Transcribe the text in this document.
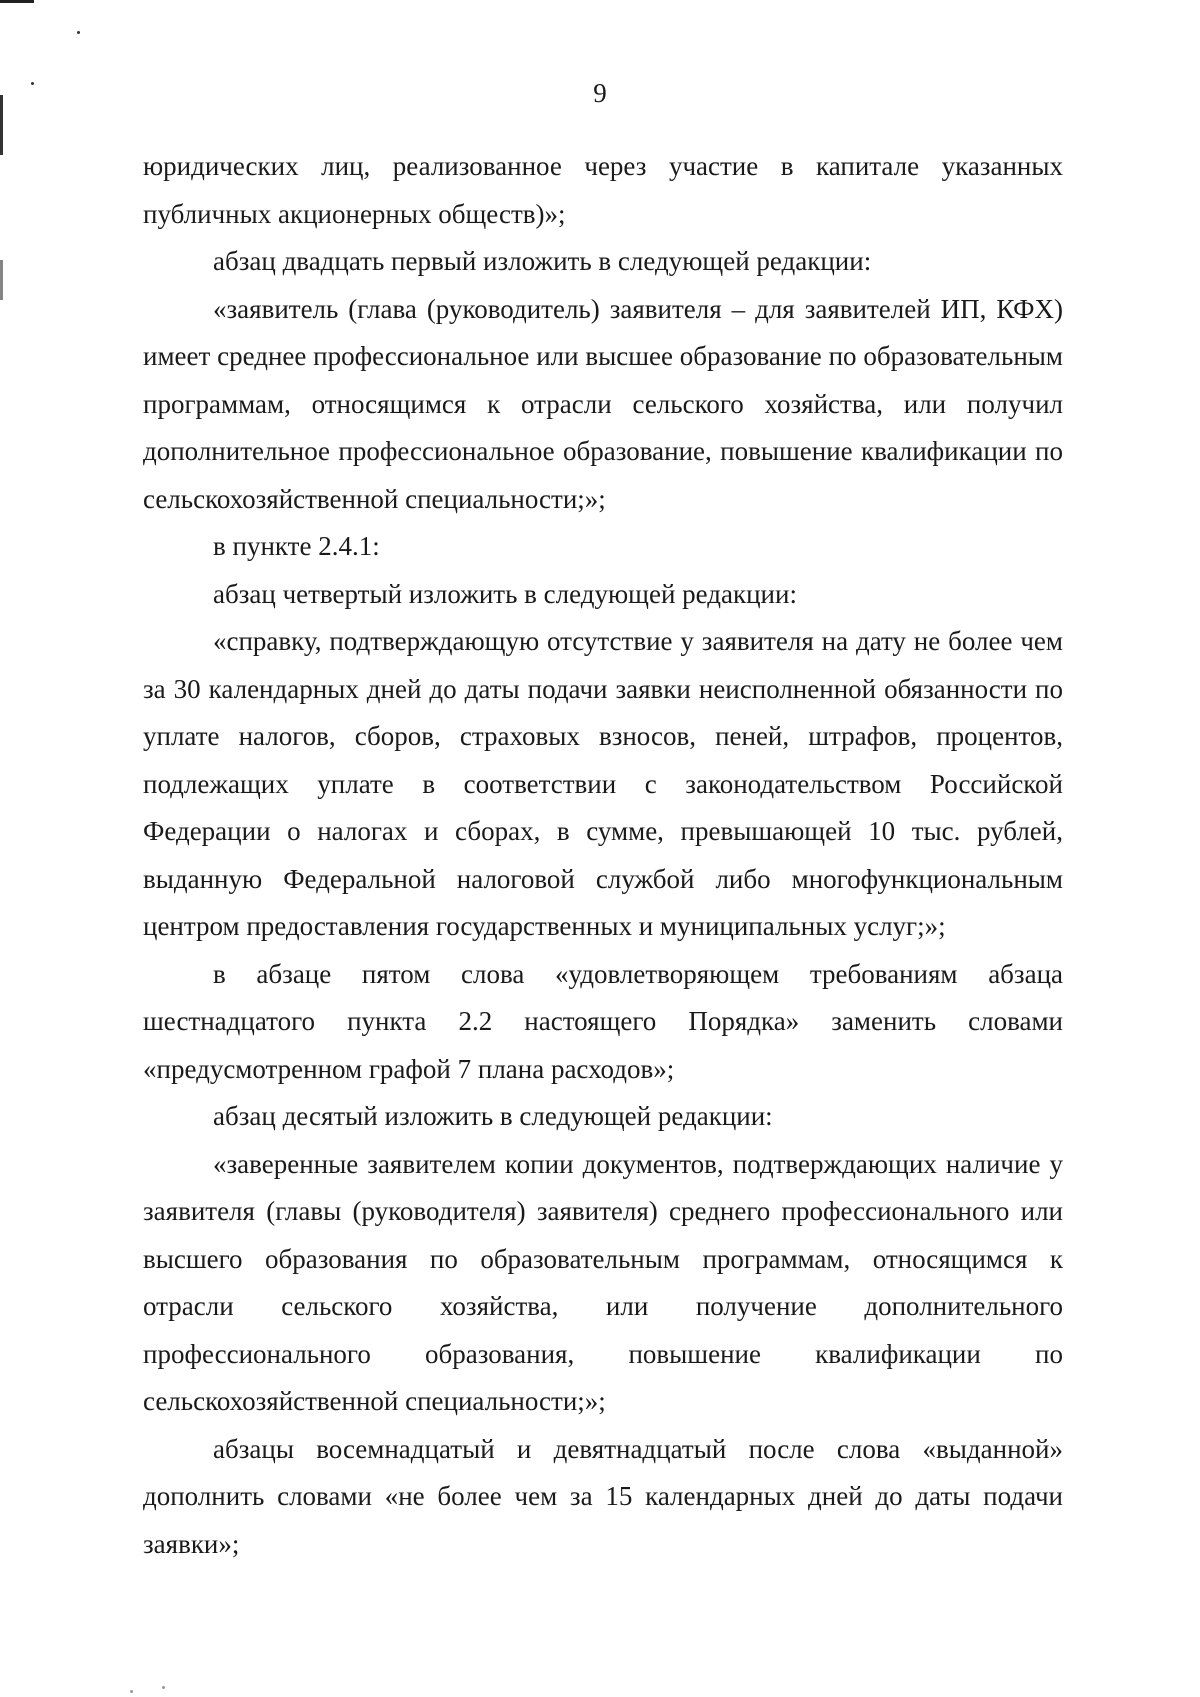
9

юридических лиц, реализованное через участие в капитале указанных публичных акционерных обществ)»;

абзац двадцать первый изложить в следующей редакции:

«заявитель (глава (руководитель) заявителя – для заявителей ИП, КФХ) имеет среднее профессиональное или высшее образование по образовательным программам, относящимся к отрасли сельского хозяйства, или получил дополнительное профессиональное образование, повышение квалификации по сельскохозяйственной специальности;»;

в пункте 2.4.1:

абзац четвертый изложить в следующей редакции:

«справку, подтверждающую отсутствие у заявителя на дату не более чем за 30 календарных дней до даты подачи заявки неисполненной обязанности по уплате налогов, сборов, страховых взносов, пеней, штрафов, процентов, подлежащих уплате в соответствии с законодательством Российской Федерации о налогах и сборах, в сумме, превышающей 10 тыс. рублей, выданную Федеральной налоговой службой либо многофункциональным центром предоставления государственных и муниципальных услуг;»;

в абзаце пятом слова «удовлетворяющем требованиям абзаца шестнадцатого пункта 2.2 настоящего Порядка» заменить словами «предусмотренном графой 7 плана расходов»;

абзац десятый изложить в следующей редакции:

«заверенные заявителем копии документов, подтверждающих наличие у заявителя (главы (руководителя) заявителя) среднего профессионального или высшего образования по образовательным программам, относящимся к отрасли сельского хозяйства, или получение дополнительного профессионального образования, повышение квалификации по сельскохозяйственной специальности;»;

абзацы восемнадцатый и девятнадцатый после слова «выданной» дополнить словами «не более чем за 15 календарных дней до даты подачи заявки»;
